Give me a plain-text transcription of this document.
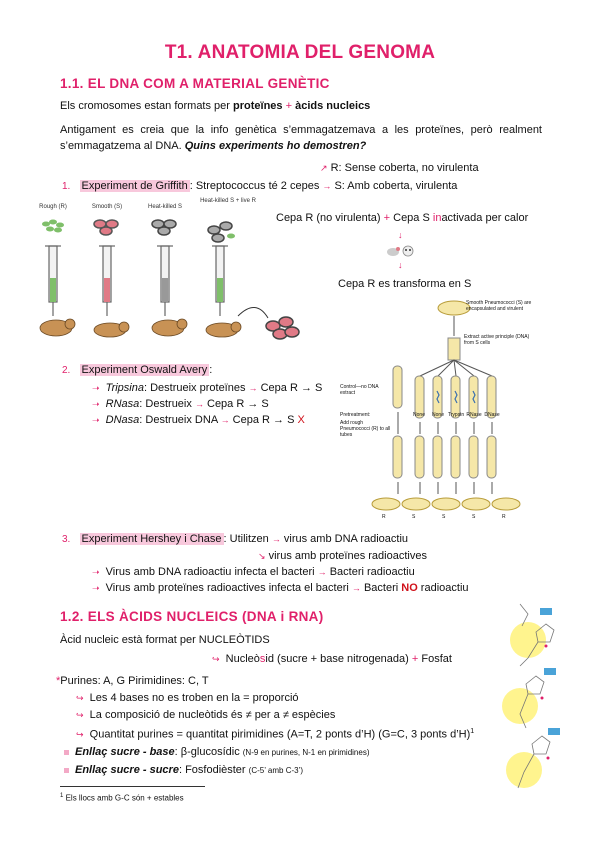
T1. ANATOMIA DEL GENOMA
1.1. EL DNA COM A MATERIAL GENÈTIC
Els cromosomes estan formats per proteïnes + àcids nucleics
Antigament es creia que la info genètica s’emmagatzemava a les proteïnes, però realment s’emmagatzema al DNA. Quins experiments ho demostren?
↗ R: Sense coberta, no virulenta
1. Experiment de Griffith : Streptococcus té 2 cepes → S: Amb coberta, virulenta
Rough (R)	Smooth (S)	Heat-killed S
Heat-killed S + live R
Cepa R (no virulenta) + Cepa S inactivada per calor
↓
↓
Cepa R es transforma en S
Smooth Pneumococci (S) are encapsulated and virulent
Extract active principle (DNA) from S cells
Control—no DNA extract
Pretreatment:	None	None Trypsin RNase DNase
Add rough Pneumococci (R) to all tubes
R	S	S	S	R
2. Experiment Oswald Avery :
➝ Tripsina: Destrueix proteïnes → Cepa R → S
➝ RNasa: Destrueix → Cepa R → S
➝ DNasa: Destrueix DNA → Cepa R → S X
3. Experiment Hershey i Chase : Utilitzen → virus amb DNA radioactiu
↘ virus amb proteïnes radioactives
➝ Virus amb DNA radioactiu infecta el bacteri → Bacteri radioactiu
➝ Virus amb proteïnes radioactives infecta el bacteri → Bacteri NO radioactiu
1.2. ELS ÀCIDS NUCLEICS (DNA i RNA)
Àcid nucleic està format per NUCLEÒTIDS
↪ Nucleòsid (sucre + base nitrogenada) + Fosfat
*Purines: A, G Pirimidines: C, T
↪ Les 4 bases no es troben en la = proporció
↪ La composició de nucleòtids és ≠ per a ≠ espècies
↪ Quantitat purines = quantitat pirimidines (A=T, 2 ponts d’H) (G=C, 3 ponts d’H)$^1$
Enllaç sucre - base: β-glucosídic (N-9 en purines, N-1 en pirimidines)
Enllaç sucre - sucre: Fosfodièster (C-5’ amb C-3’)
$^1$ Els llocs amb G-C són + estables
